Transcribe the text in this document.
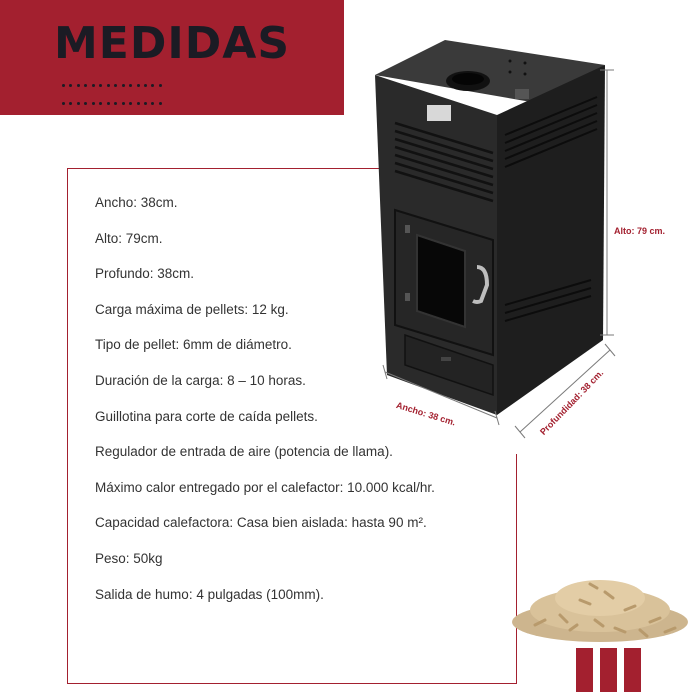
MEDIDAS
Ancho: 38cm.
Alto: 79cm.
Profundo: 38cm.
Carga máxima de pellets: 12 kg.
Tipo de pellet: 6mm de diámetro.
Duración de la carga: 8 – 10 horas.
Guillotina para corte de caída pellets.
Regulador de entrada de aire (potencia de llama).
Máximo calor entregado por el calefactor: 10.000 kcal/hr.
Capacidad calefactora: Casa bien aislada: hasta 90 m².
Peso: 50kg
Salida de humo: 4 pulgadas (100mm).
Alto: 79 cm.
Ancho: 38 cm.	Profundidad: 38 cm.
